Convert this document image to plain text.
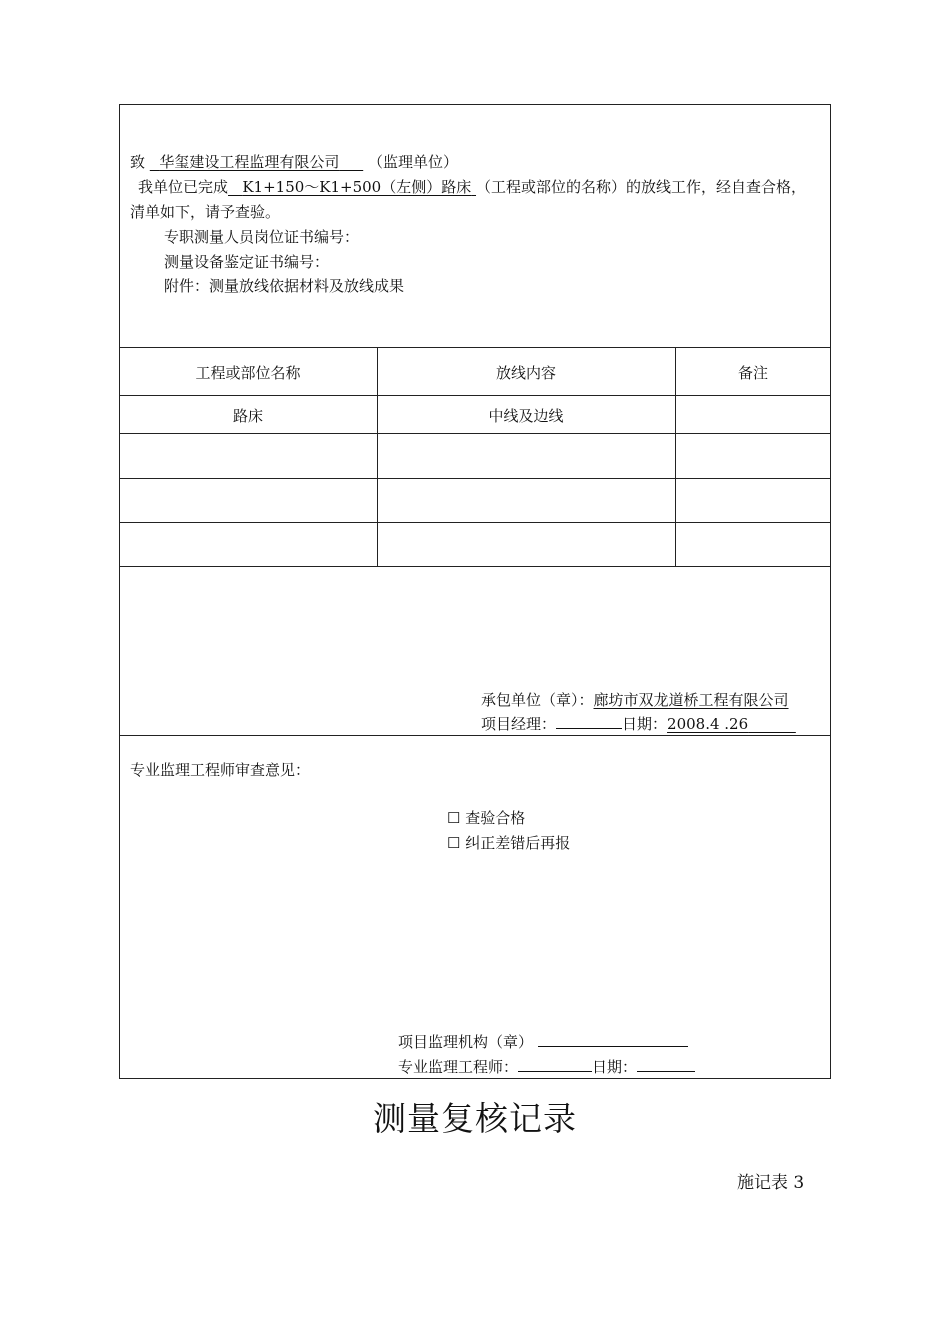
致 华玺建设工程监理有限公司 （监理单位）
我单位已完成 K1+150～K1+500（左侧）路床 （工程或部位的名称）的放线工作，经自查合格，
清单如下，请予查验。
专职测量人员岗位证书编号：
测量设备鉴定证书编号：
附件：测量放线依据材料及放线成果
工程或部位名称	放线内容	备注
路床	中线及边线
承包单位（章）：廊坊市双龙道桥工程有限公司
项目经理：	日期：2008.4 .26
专业监理工程师审查意见：
☐ 查验合格
☐ 纠正差错后再报
项目监理机构（章）
专业监理工程师：	日期：
测量复核记录
施记表 3
